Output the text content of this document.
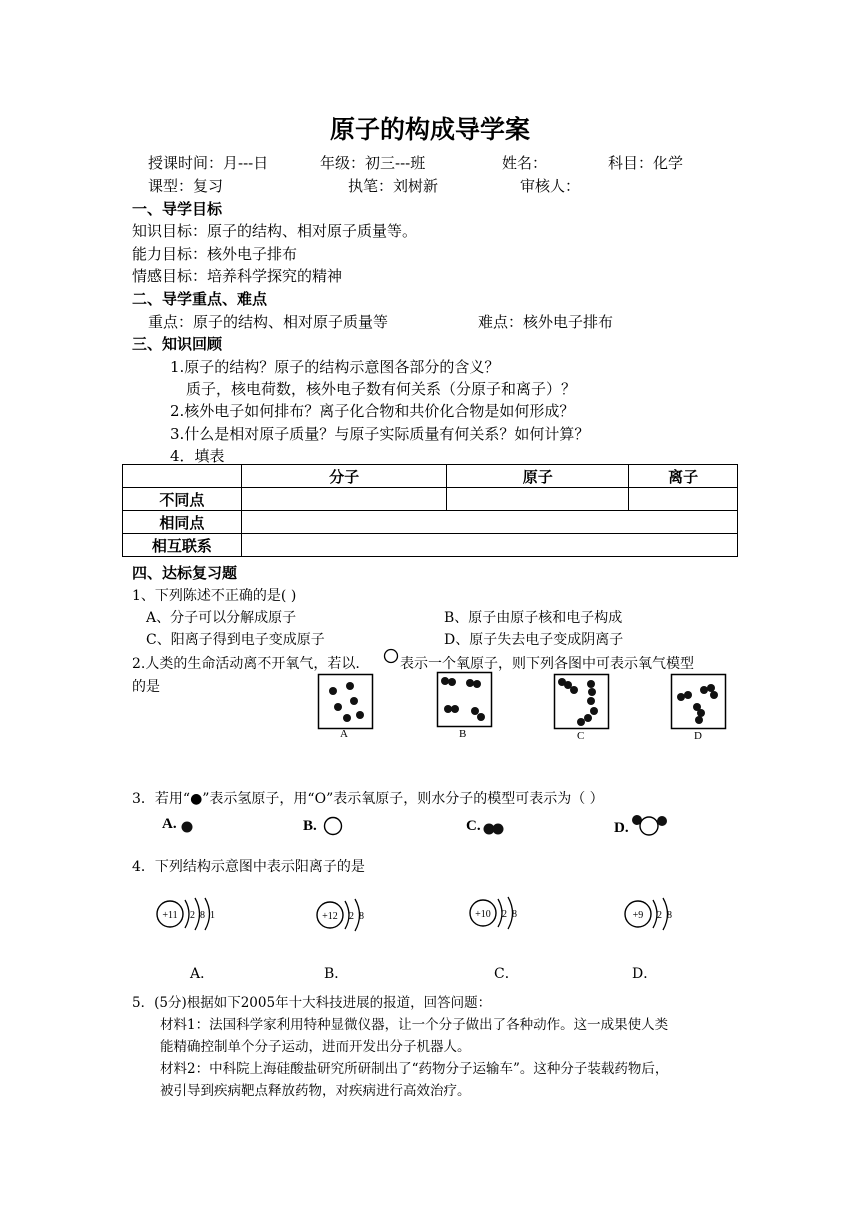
原子的构成导学案
授课时间：月---日	年级：初三---班	姓名：	科目：化学
课型：复习	执笔：刘树新	审核人：
一、导学目标
知识目标：原子的结构、相对原子质量等。
能力目标：核外电子排布
情感目标：培养科学探究的精神
二、导学重点、难点
重点：原子的结构、相对原子质量等	难点：核外电子排布
三、知识回顾
1.原子的结构？原子的结构示意图各部分的含义？
质子，核电荷数，核外电子数有何关系（分原子和离子）？
2.核外电子如何排布？离子化合物和共价化合物是如何形成？
3.什么是相对原子质量？与原子实际质量有何关系？如何计算？
4．填表
	分子	原子	离子
不同点			
相同点			
相互联系			
四、达标复习题
1、下列陈述不正确的是( )
A、分子可以分解成原子	B、原子由原子核和电子构成
C、阳离子得到电子变成原子	D、原子失去电子变成阴离子
2.人类的生命活动离不开氧气，若以.	表示一个氧原子，则下列各图中可表示氧气模型
的是
A	B	C	D
3．若用“●”表示氢原子，用“O”表示氧原子，则水分子的模型可表示为（ ）
A.	B.	C.	D.
4．下列结构示意图中表示阳离子的是
+11 2 8 1	+12 2 8	+10 2 8	+9 2 8
A．	B．	C．	D．
5．(5分)根据如下2005年十大科技进展的报道，回答问题：
材料1：法国科学家利用特种显微仪器，让一个分子做出了各种动作。这一成果使人类
能精确控制单个分子运动，进而开发出分子机器人。
材料2：中科院上海硅酸盐研究所研制出了“药物分子运输车”。这种分子装载药物后，
被引导到疾病靶点释放药物，对疾病进行高效治疗。
